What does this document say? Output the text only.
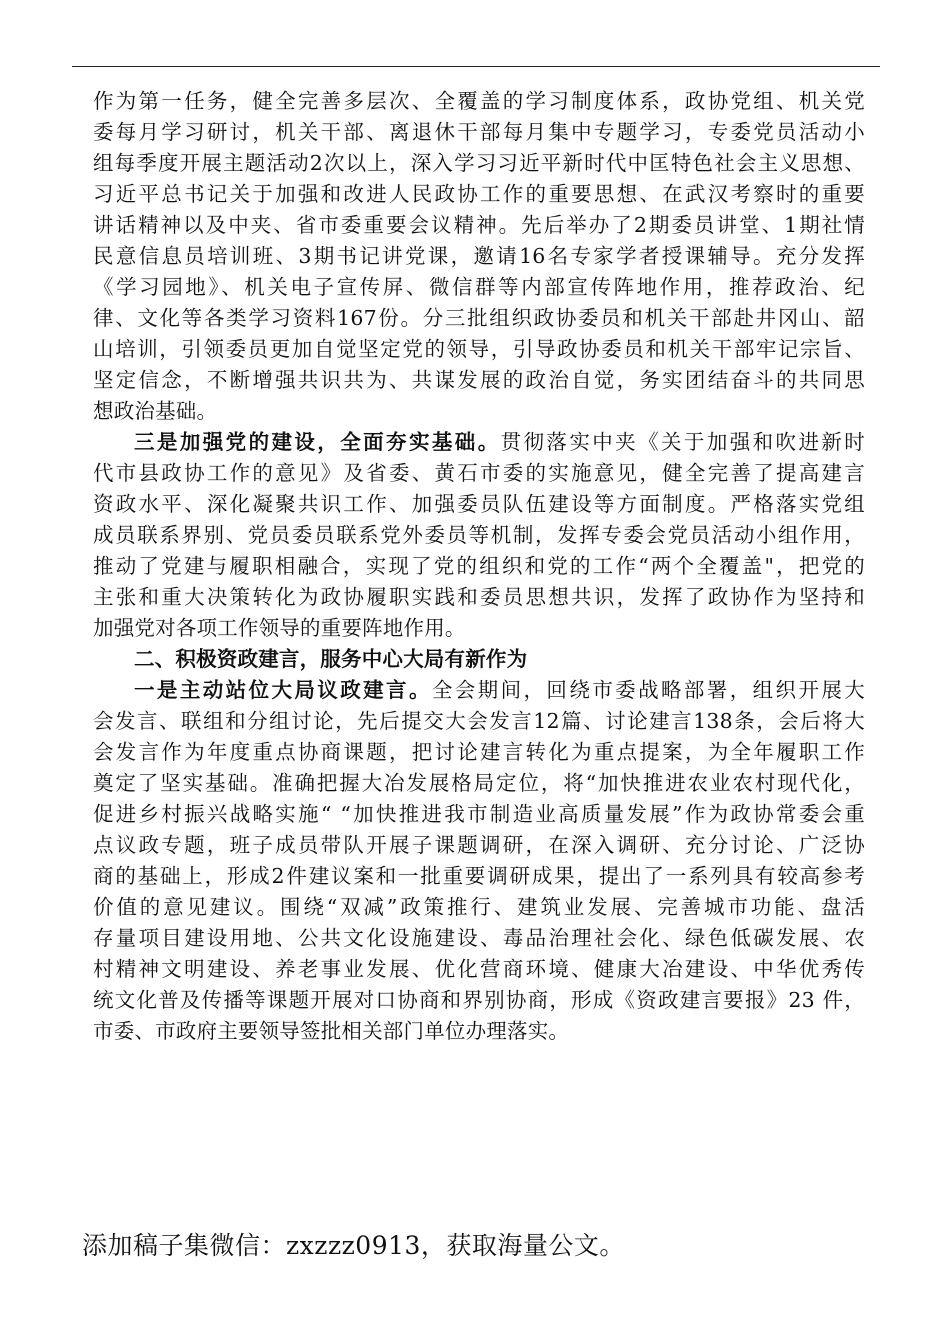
作为第一任务，健全完善多层次、全覆盖的学习制度体系，政协党组、机关党
委每月学习研讨，机关干部、离退休干部每月集中专题学习，专委党员活动小
组每季度开展主题活动2次以上，深入学习习近平新时代中匡特色社会主义思想、
习近平总书记关于加强和改进人民政协工作的重要思想、在武汉考察时的重要
讲话精神以及中夹、省市委重要会议精神。先后举办了2期委员讲堂、1期社情
民意信息员培训班、3期书记讲党课，邀请16名专家学者授课辅导。充分发挥
《学习园地》、机关电子宣传屏、微信群等内部宣传阵地作用，推荐政治、纪
律、文化等各类学习资料167份。分三批组织政协委员和机关干部赴井冈山、韶
山培训，引领委员更加自觉坚定党的领导，引导政协委员和机关干部牢记宗旨、
坚定信念，不断增强共识共为、共谋发展的政治自觉，务实团结奋斗的共同思
想政治基础。
三是加强党的建设，全面夯实基础。贯彻落实中夹《关于加强和吹进新时
代市县政协工作的意见》及省委、黄石市委的实施意见，健全完善了提高建言
资政水平、深化凝聚共识工作、加强委员队伍建设等方面制度。严格落实党组
成员联系界别、党员委员联系党外委员等机制，发挥专委会党员活动小组作用，
推动了党建与履职相融合，实现了党的组织和党的工作“两个全覆盖"，把党的
主张和重大决策转化为政协履职实践和委员思想共识，发挥了政协作为坚持和
加强党对各项工作领导的重要阵地作用。
二、积极资政建言，服务中心大局有新作为
一是主动站位大局议政建言。全会期间，回绕市委战略部署，组织开展大
会发言、联组和分组讨论，先后提交大会发言12篇、讨论建言138条，会后将大
会发言作为年度重点协商课题，把讨论建言转化为重点提案，为全年履职工作
奠定了坚实基础。准确把握大冶发展格局定位，将“加快推进农业农村现代化，
促进乡村振兴战略实施“ “加快推进我市制造业高质量发展”作为政协常委会重
点议政专题，班子成员带队开展子课题调研，在深入调研、充分讨论、广泛协
商的基础上，形成2件建议案和一批重要调研成果，提出了一系列具有较高参考
价值的意见建议。围绕“双减”政策推行、建筑业发展、完善城市功能、盘活
存量项目建设用地、公共文化设施建设、毒品治理社会化、绿色低碳发展、农
村精神文明建设、养老事业发展、优化营商环境、健康大冶建设、中华优秀传
统文化普及传播等课题开展对口协商和界别协商，形成《资政建言要报》23 件，
市委、市政府主要领导签批相关部门单位办理落实。
添加稿子集微信：zxzzz0913，获取海量公文。
